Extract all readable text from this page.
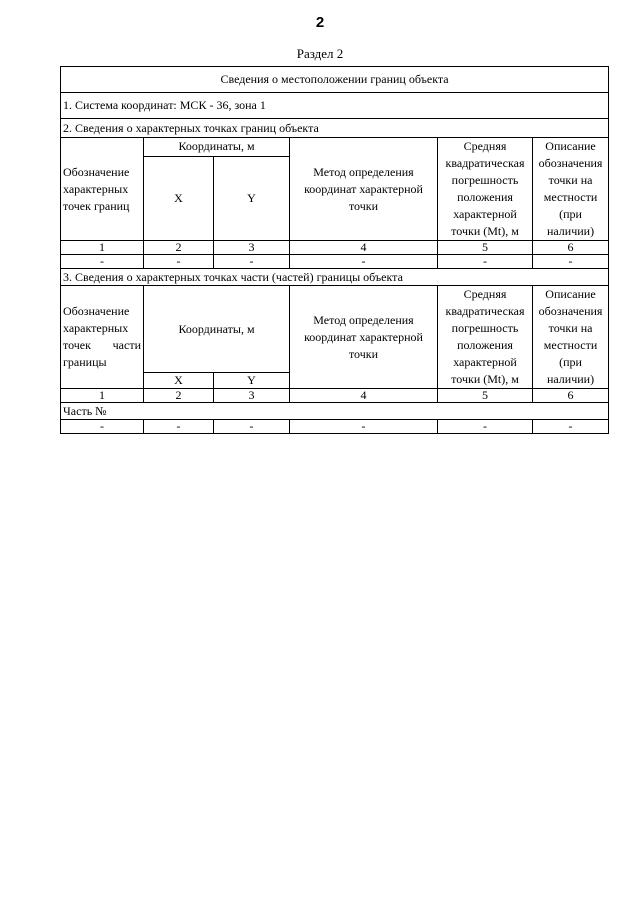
2
Раздел 2
Сведения о местоположении границ объекта					
1. Система координат: МСК - 36, зона 1					
2. Сведения о характерных точках границ объекта					
Обозначение характерных точек границ	Координаты, м		Метод определения координат характерной точки	Средняя квадратическая погрешность положения характерной точки (Mt), м	Описание обозначения точки на местности (при наличии)
	X	Y			
1	2	3	4	5	6
-	-	-	-	-	-
3. Сведения о характерных точках части (частей) границы объекта					
Обозначение характерных точек части границы	Координаты, м		Метод определения координат характерной точки	Средняя квадратическая погрешность положения характерной точки (Mt), м	Описание обозначения точки на местности (при наличии)
	X	Y			
1	2	3	4	5	6
Часть №					
-	-	-	-	-	-
